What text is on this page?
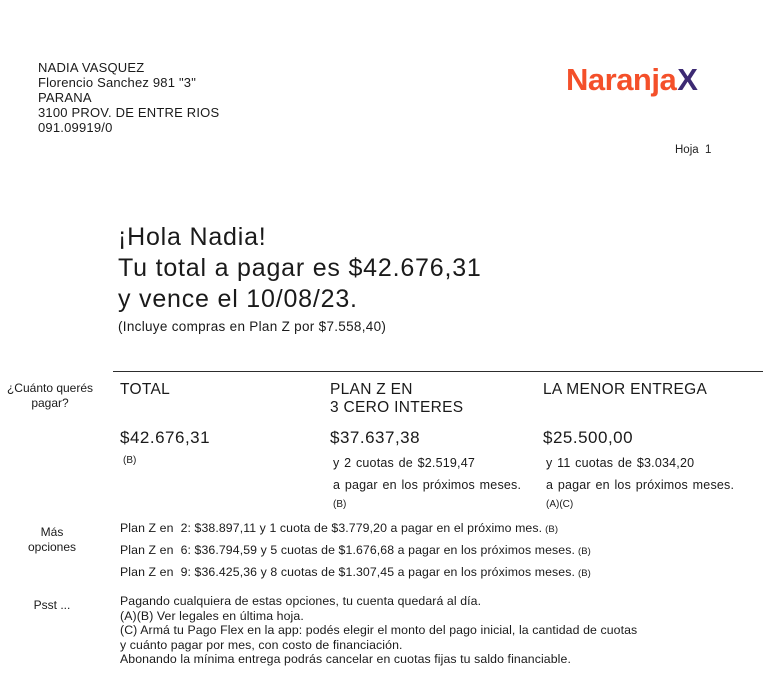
NADIA VASQUEZ
Florencio Sanchez 981 "3"
PARANA
3100 PROV. DE ENTRE RIOS
091.09919/0
NaranjaX
Hoja  1
¡Hola Nadia!
Tu total a pagar es $42.676,31
y vence el 10/08/23.
(Incluye compras en Plan Z por $7.558,40)
¿Cuánto querés
pagar?
TOTAL
$42.676,31
(B)
PLAN Z EN
3 CERO INTERES
$37.637,38
y 2 cuotas de $2.519,47
a pagar en los próximos meses.
(B)
LA MENOR ENTREGA
$25.500,00
y 11 cuotas de $3.034,20
a pagar en los próximos meses.
(A)(C)
Más
opciones
Plan Z en  2: $38.897,11 y 1 cuota de $3.779,20 a pagar en el próximo mes. (B)
Plan Z en  6: $36.794,59 y 5 cuotas de $1.676,68 a pagar en los próximos meses. (B)
Plan Z en  9: $36.425,36 y 8 cuotas de $1.307,45 a pagar en los próximos meses. (B)
Psst ...	Pagando cualquiera de estas opciones, tu cuenta quedará al día.
(A)(B) Ver legales en última hoja.
(C) Armá tu Pago Flex en la app: podés elegir el monto del pago inicial, la cantidad de cuotas
y cuánto pagar por mes, con costo de financiación.
Abonando la mínima entrega podrás cancelar en cuotas fijas tu saldo financiable.
